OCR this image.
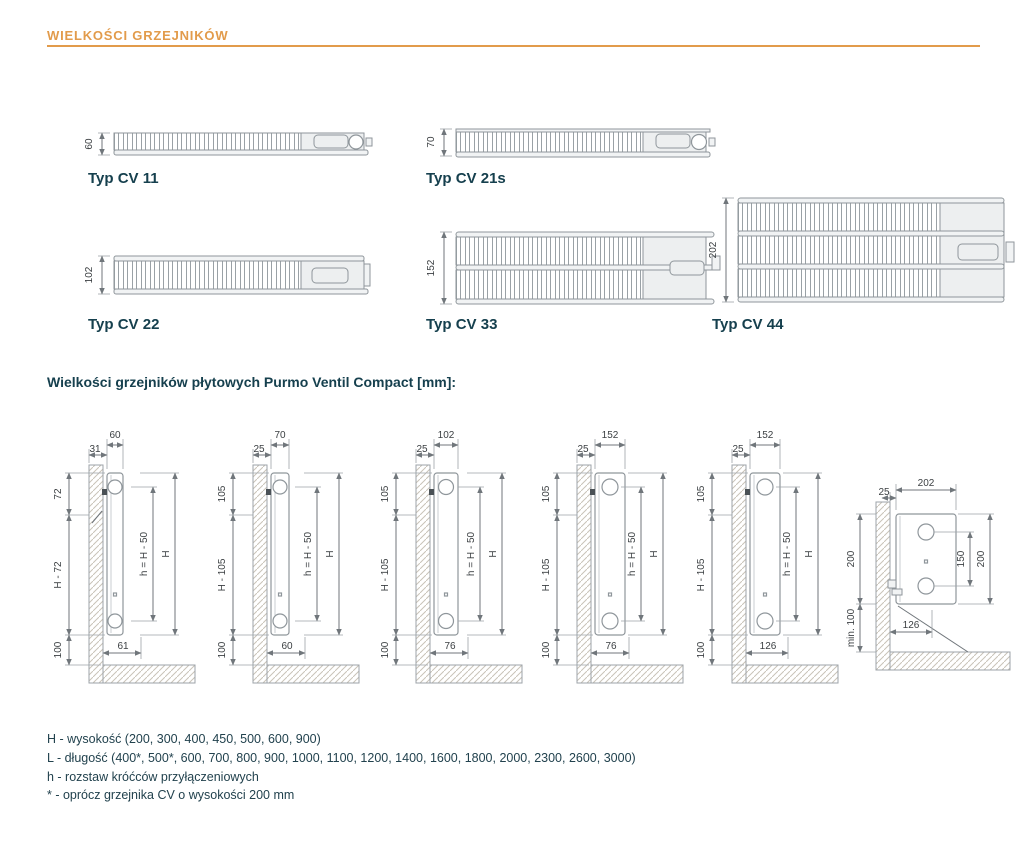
WIELKOŚCI GRZEJNIKÓW
60
Typ CV 11
70
Typ CV 21s
102
Typ CV 22
152
Typ CV 33
202
Typ CV 44
Wielkości grzejników płytowych Purmo Ventil Compact [mm]:
60
31
72
H - 72
100
h = H - 50 H
61
70
25
105
H - 105
100
h = H - 50 H
60
102
25
105
H - 105
100
h = H - 50 H
76
152
25
105
H - 105
100
h = H - 50 H
76
152
25
105
H - 105
100
h = H - 50 H
126
202
25
150 200
200
min. 100	126
H - wysokość (200, 300, 400, 450, 500, 600, 900)
L - długość (400*, 500*, 600, 700, 800, 900, 1000, 1100, 1200, 1400, 1600, 1800, 2000, 2300, 2600, 3000)
h - rozstaw króćców przyłączeniowych
* - oprócz grzejnika CV o wysokości 200 mm
